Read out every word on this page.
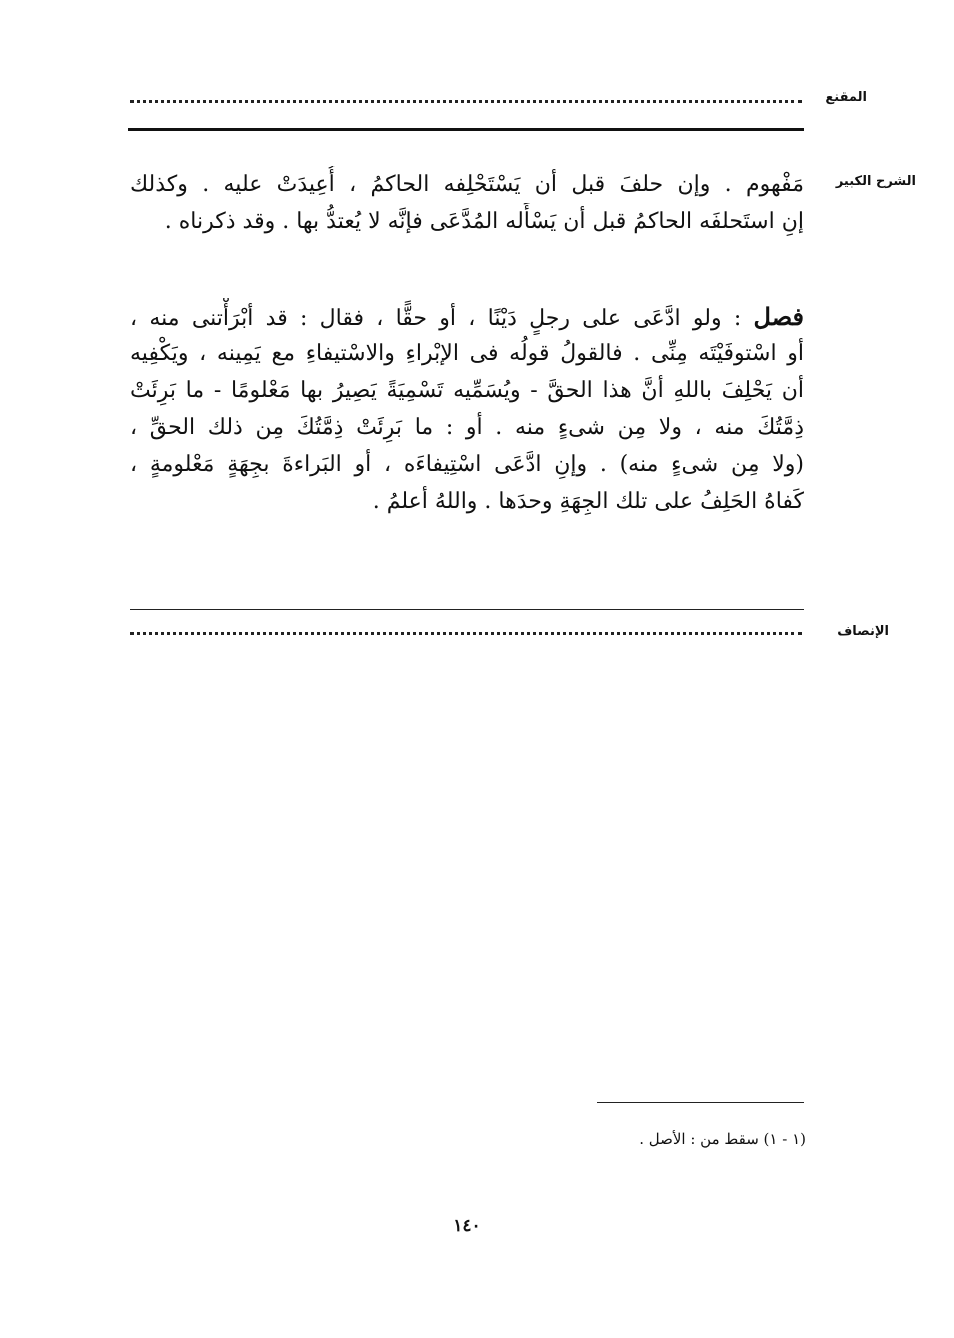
المقنع
الشرح الكبير
مَفْهوم . وإن حلفَ قبل أن يَسْتَحْلِفه الحاكمُ ، أُعِيدَتْ عليه . وكذلك
إنِ استَحلفَه الحاكمُ قبل أن يَسْأَله المُدَّعَى فإنَّه لا يُعتدُّ بها . وقد ذكرناه .
فصل : ولو ادَّعَى على رجلٍ دَيْنًا ، أو حقًّا ، فقال : قد أبْرَأْتنى منه ،
أو اسْتوفَيْتَه مِنِّى . فالقولُ قولُه فى الإبْراءِ والاسْتيفاءِ مع يَمِينه ، ويَكْفِيه
أن يَحْلِفَ باللهِ أنَّ هذا الحقَّ - ويُسَمِّيه تَسْمِيَةً يَصِيرُ بها مَعْلومًا - ما بَرِئَتْ
ذِمَّتُكَ منه ، ولا مِن شىءٍ منه . أو : ما بَرِئَتْ ذِمَّتُكَ مِن ذلك الحقِّ ،
(ولا مِن شىءٍ منه) . وإنِ ادَّعَى اسْتِيفاءَه ، أو البَراءةَ بجِهَةٍ مَعْلومةٍ ،
كَفاهُ الحَلِفُ على تلك الجِهَةِ وحدَها . واللهُ أعلمُ .
الإنصاف
(١ - ١) سقط من : الأصل .
١٤٠
